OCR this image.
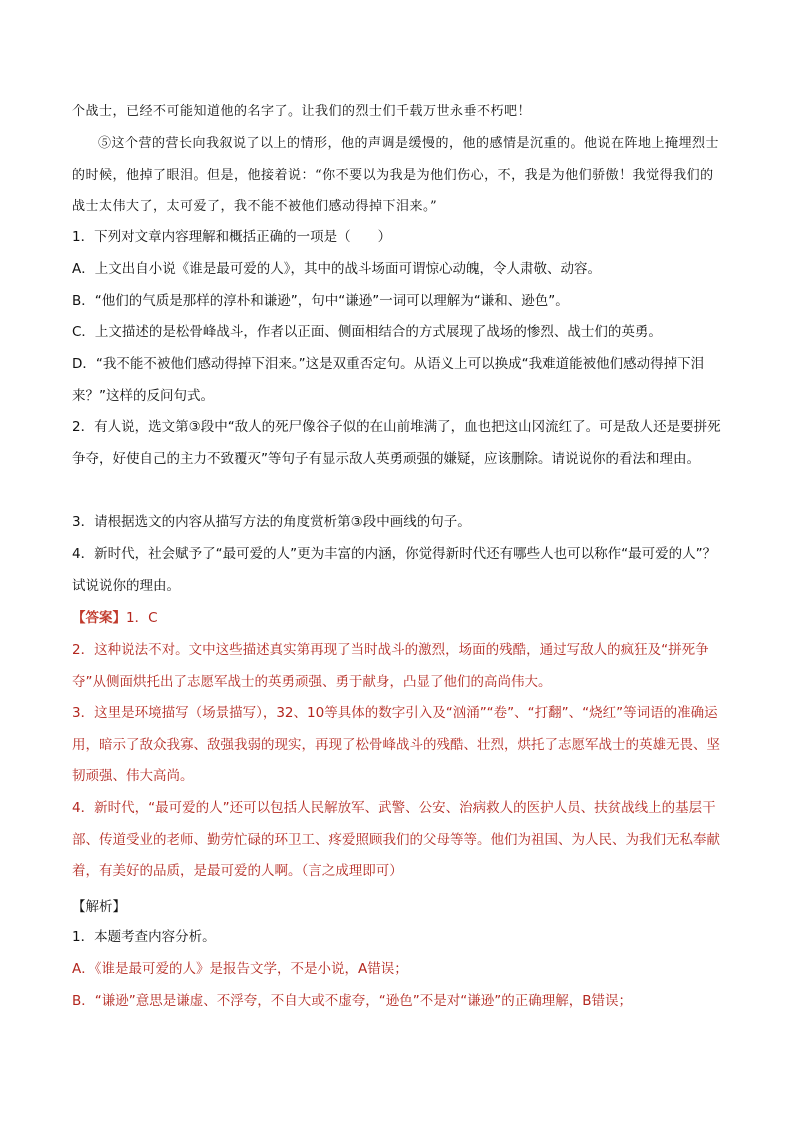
个战士，已经不可能知道他的名字了。让我们的烈士们千载万世永垂不朽吧！

⑤这个营的营长向我叙说了以上的情形，他的声调是缓慢的，他的感情是沉重的。他说在阵地上掩埋烈士的时候，他掉了眼泪。但是，他接着说：“你不要以为我是为他们伤心，不，我是为他们骄傲！我觉得我们的战士太伟大了，太可爱了，我不能不被他们感动得掉下泪来。”

1．下列对文章内容理解和概括正确的一项是（　　）

A．上文出自小说《谁是最可爱的人》，其中的战斗场面可谓惊心动魄，令人肃敬、动容。

B．“他们的气质是那样的淳朴和谦逊”，句中“谦逊”一词可以理解为“谦和、逊色”。

C．上文描述的是松骨峰战斗，作者以正面、侧面相结合的方式展现了战场的惨烈、战士们的英勇。

D．“我不能不被他们感动得掉下泪来。”这是双重否定句。从语义上可以换成“我难道能被他们感动得掉下泪来？”这样的反问句式。

2．有人说，选文第③段中“敌人的死尸像谷子似的在山前堆满了，血也把这山冈流红了。可是敌人还是要拼死争夺，好使自己的主力不致覆灭”等句子有显示敌人英勇顽强的嫌疑，应该删除。请说说你的看法和理由。

3．请根据选文的内容从描写方法的角度赏析第③段中画线的句子。

4．新时代，社会赋予了“最可爱的人”更为丰富的内涵，你觉得新时代还有哪些人也可以称作“最可爱的人”？试说说你的理由。

【答案】1．C

2．这种说法不对。文中这些描述真实第再现了当时战斗的激烈，场面的残酷，通过写敌人的疯狂及“拼死争夺”从侧面烘托出了志愿军战士的英勇顽强、勇于献身，凸显了他们的高尚伟大。

3．这里是环境描写（场景描写），32、10等具体的数字引入及“汹涌”“卷”、“打翻”、“烧红”等词语的准确运用，暗示了敌众我寡、敌强我弱的现实，再现了松骨峰战斗的残酷、壮烈，烘托了志愿军战士的英雄无畏、坚韧顽强、伟大高尚。

4．新时代，“最可爱的人”还可以包括人民解放军、武警、公安、治病救人的医护人员、扶贫战线上的基层干部、传道受业的老师、勤劳忙碌的环卫工、疼爱照顾我们的父母等等。他们为祖国、为人民、为我们无私奉献着，有美好的品质，是最可爱的人啊。（言之成理即可）

【解析】

1．本题考查内容分析。

A．《谁是最可爱的人》是报告文学，不是小说，A错误；

B．“谦逊”意思是谦虚、不浮夸，不自大或不虚夸，“逊色”不是对“谦逊”的正确理解，B错误；
